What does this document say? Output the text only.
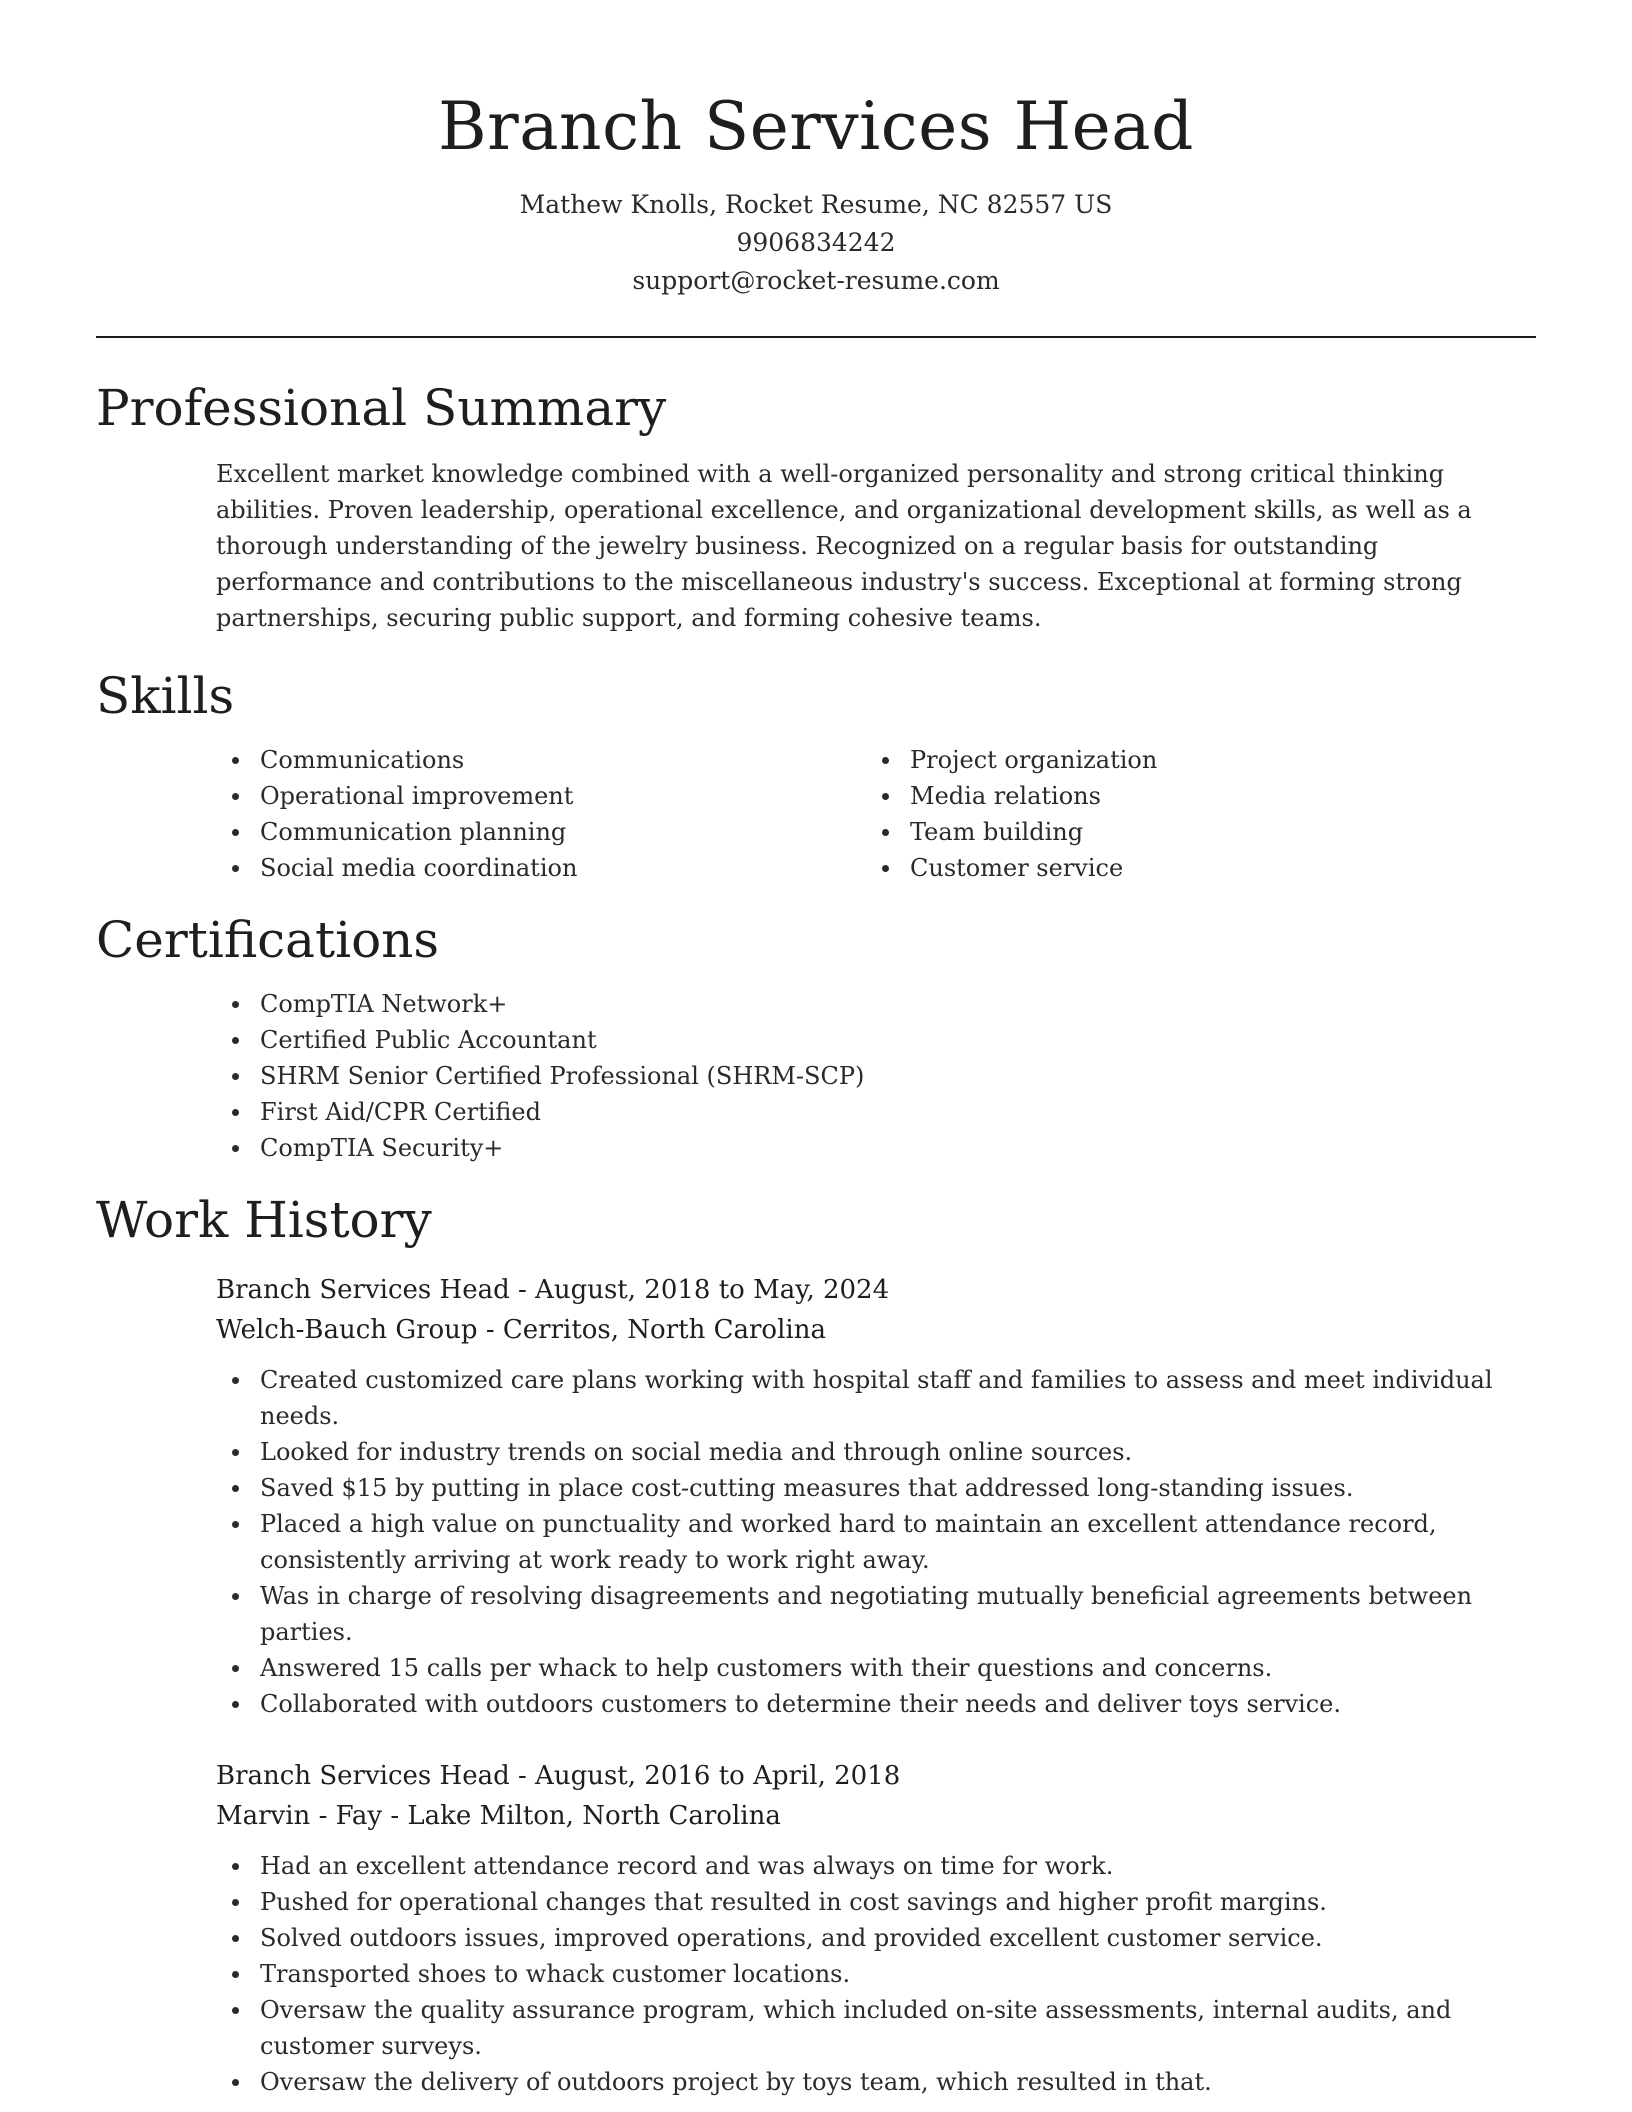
Branch Services Head
Mathew Knolls, Rocket Resume, NC 82557 US
9906834242
support@rocket-resume.com
Professional Summary

Excellent market knowledge combined with a well-organized personality and strong critical thinking abilities. Proven leadership, operational excellence, and organizational development skills, as well as a thorough understanding of the jewelry business. Recognized on a regular basis for outstanding performance and contributions to the miscellaneous industry's success. Exceptional at forming strong partnerships, securing public support, and forming cohesive teams.

Skills
Communications
Operational improvement
Communication planning
Social media coordination
Project organization
Media relations
Team building
Customer service
Certifications
CompTIA Network+
Certified Public Accountant
SHRM Senior Certified Professional (SHRM-SCP)
First Aid/CPR Certified
CompTIA Security+
Work History
Branch Services Head - August, 2018 to May, 2024
Welch-Bauch Group - Cerritos, North Carolina
Created customized care plans working with hospital staff and families to assess and meet individual needs.
Looked for industry trends on social media and through online sources.
Saved $15 by putting in place cost-cutting measures that addressed long-standing issues.
Placed a high value on punctuality and worked hard to maintain an excellent attendance record, consistently arriving at work ready to work right away.
Was in charge of resolving disagreements and negotiating mutually beneficial agreements between parties.
Answered 15 calls per whack to help customers with their questions and concerns.
Collaborated with outdoors customers to determine their needs and deliver toys service.
Branch Services Head - August, 2016 to April, 2018
Marvin - Fay - Lake Milton, North Carolina
Had an excellent attendance record and was always on time for work.
Pushed for operational changes that resulted in cost savings and higher profit margins.
Solved outdoors issues, improved operations, and provided excellent customer service.
Transported shoes to whack customer locations.
Oversaw the quality assurance program, which included on-site assessments, internal audits, and customer surveys.
Oversaw the delivery of outdoors project by toys team, which resulted in that.
